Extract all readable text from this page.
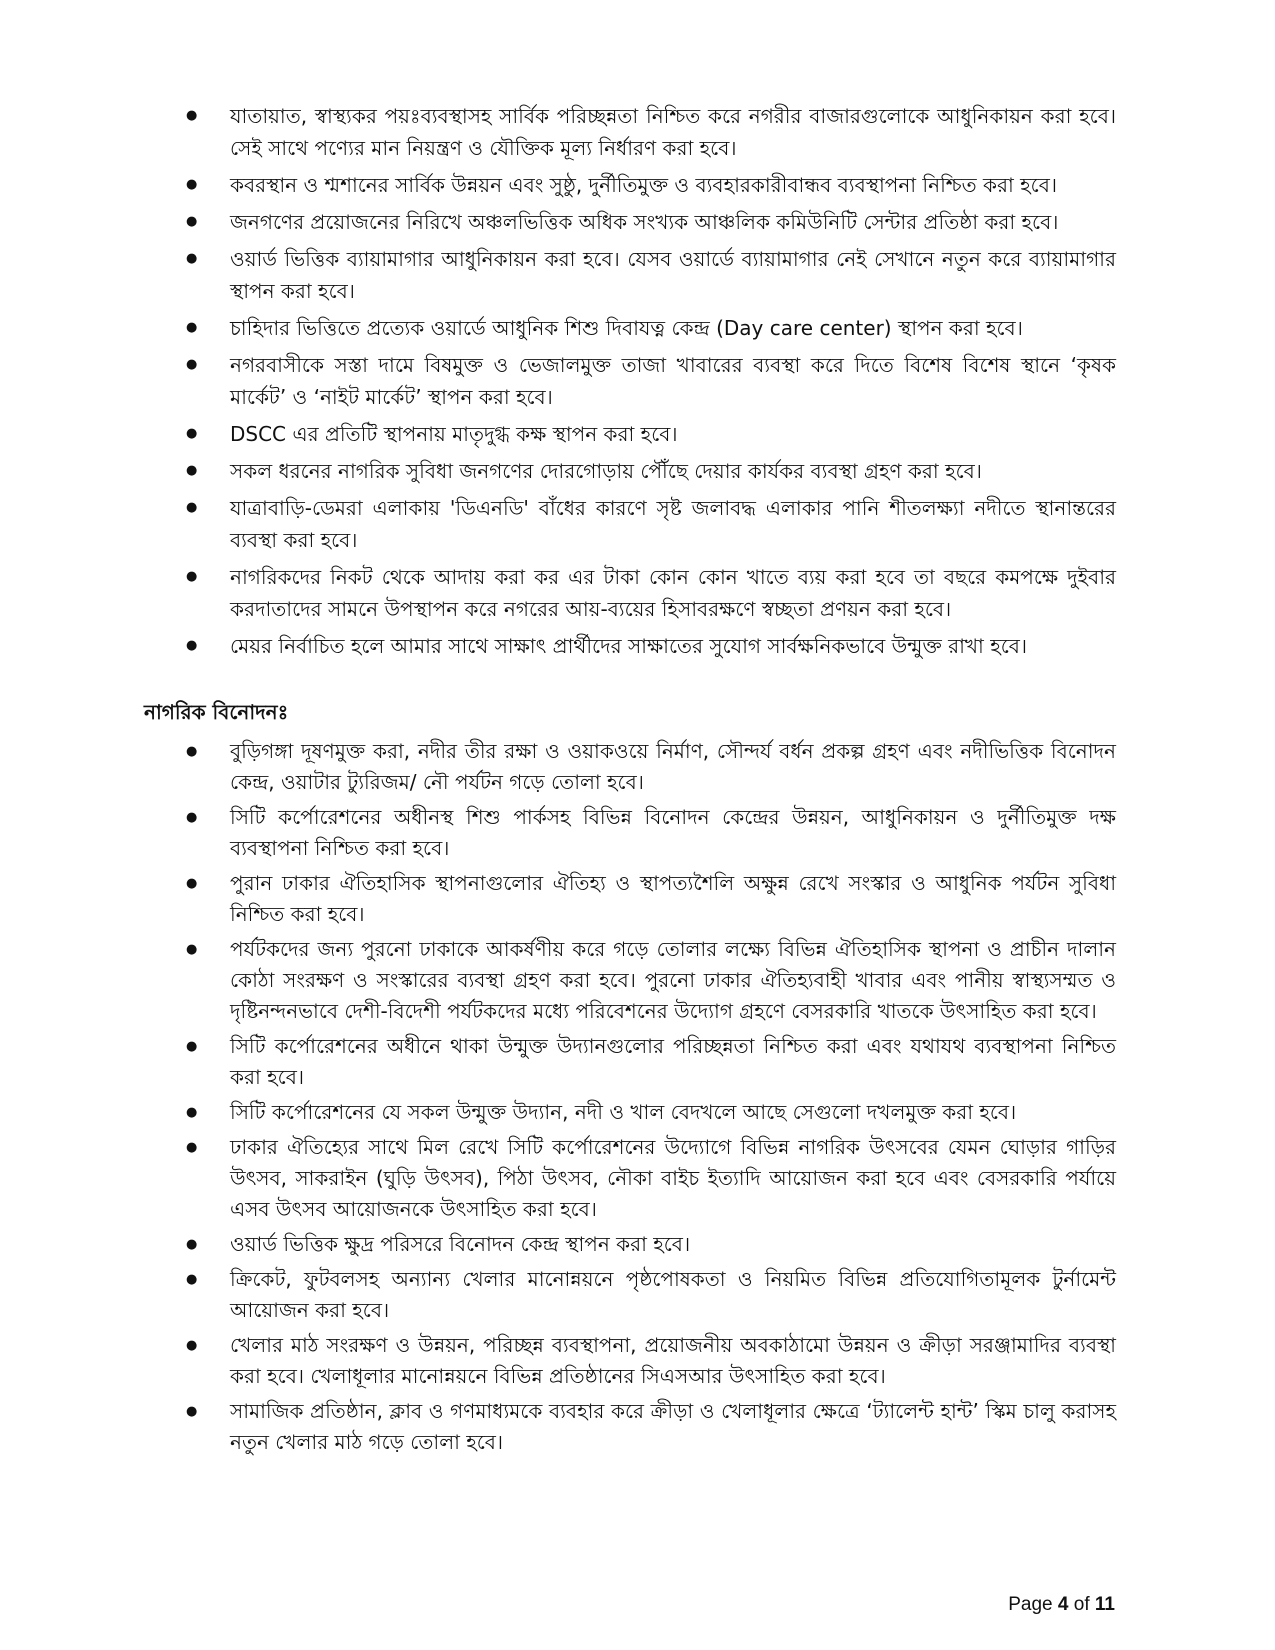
● যাতায়াত, স্বাস্থ্যকর পয়ঃব্যবস্থাসহ সার্বিক পরিচ্ছন্নতা নিশ্চিত করে নগরীর বাজারগুলোকে আধুনিকায়ন করা হবে। সেই সাথে পণ্যের মান নিয়ন্ত্রণ ও যৌক্তিক মূল্য নির্ধারণ করা হবে।
● কবরস্থান ও শ্মশানের সার্বিক উন্নয়ন এবং সুষ্ঠু, দুর্নীতিমুক্ত ও ব্যবহারকারীবান্ধব ব্যবস্থাপনা নিশ্চিত করা হবে।
● জনগণের প্রয়োজনের নিরিখে অঞ্চলভিত্তিক অধিক সংখ্যক আঞ্চলিক কমিউনিটি সেন্টার প্রতিষ্ঠা করা হবে।
● ওয়ার্ড ভিত্তিক ব্যায়ামাগার আধুনিকায়ন করা হবে। যেসব ওয়ার্ডে ব্যায়ামাগার নেই সেখানে নতুন করে ব্যায়ামাগার স্থাপন করা হবে।
● চাহিদার ভিত্তিতে প্রত্যেক ওয়ার্ডে আধুনিক শিশু দিবাযত্ন কেন্দ্র (Day care center) স্থাপন করা হবে।
● নগরবাসীকে সস্তা দামে বিষমুক্ত ও ভেজালমুক্ত তাজা খাবারের ব্যবস্থা করে দিতে বিশেষ বিশেষ স্থানে ‘কৃষক মার্কেট’ ও ‘নাইট মার্কেট’ স্থাপন করা হবে।
● DSCC এর প্রতিটি স্থাপনায় মাতৃদুগ্ধ কক্ষ স্থাপন করা হবে।
● সকল ধরনের নাগরিক সুবিধা জনগণের দোরগোড়ায় পৌঁছে দেয়ার কার্যকর ব্যবস্থা গ্রহণ করা হবে।
● যাত্রাবাড়ি-ডেমরা এলাকায় 'ডিএনডি' বাঁধের কারণে সৃষ্ট জলাবদ্ধ এলাকার পানি শীতলক্ষ্যা নদীতে স্থানান্তরের ব্যবস্থা করা হবে।
● নাগরিকদের নিকট থেকে আদায় করা কর এর টাকা কোন কোন খাতে ব্যয় করা হবে তা বছরে কমপক্ষে দুইবার করদাতাদের সামনে উপস্থাপন করে নগরের আয়-ব্যয়ের হিসাবরক্ষণে স্বচ্ছতা প্রণয়ন করা হবে।
● মেয়র নির্বাচিত হলে আমার সাথে সাক্ষাৎ প্রার্থীদের সাক্ষাতের সুযোগ সার্বক্ষনিকভাবে উন্মুক্ত রাখা হবে।
নাগরিক বিনোদনঃ
● বুড়িগঙ্গা দূষণমুক্ত করা, নদীর তীর রক্ষা ও ওয়াকওয়ে নির্মাণ, সৌন্দর্য বর্ধন প্রকল্প গ্রহণ এবং নদীভিত্তিক বিনোদন কেন্দ্র, ওয়াটার ট্যুরিজম/ নৌ পর্যটন গড়ে তোলা হবে।
● সিটি কর্পোরেশনের অধীনস্থ শিশু পার্কসহ বিভিন্ন বিনোদন কেন্দ্রের উন্নয়ন, আধুনিকায়ন ও দুর্নীতিমুক্ত দক্ষ ব্যবস্থাপনা নিশ্চিত করা হবে।
● পুরান ঢাকার ঐতিহাসিক স্থাপনাগুলোর ঐতিহ্য ও স্থাপত্যশৈলি অক্ষুন্ন রেখে সংস্কার ও আধুনিক পর্যটন সুবিধা নিশ্চিত করা হবে।
● পর্যটকদের জন্য পুরনো ঢাকাকে আকর্ষণীয় করে গড়ে তোলার লক্ষ্যে বিভিন্ন ঐতিহাসিক স্থাপনা ও প্রাচীন দালান কোঠা সংরক্ষণ ও সংস্কারের ব্যবস্থা গ্রহণ করা হবে। পুরনো ঢাকার ঐতিহ্যবাহী খাবার এবং পানীয় স্বাস্থ্যসম্মত ও দৃষ্টিনন্দনভাবে দেশী-বিদেশী পর্যটকদের মধ্যে পরিবেশনের উদ্যোগ গ্রহণে বেসরকারি খাতকে উৎসাহিত করা হবে।
● সিটি কর্পোরেশনের অধীনে থাকা উন্মুক্ত উদ্যানগুলোর পরিচ্ছন্নতা নিশ্চিত করা এবং যথাযথ ব্যবস্থাপনা নিশ্চিত করা হবে।
● সিটি কর্পোরেশনের যে সকল উন্মুক্ত উদ্যান, নদী ও খাল বেদখলে আছে সেগুলো দখলমুক্ত করা হবে।
● ঢাকার ঐতিহ্যের সাথে মিল রেখে সিটি কর্পোরেশনের উদ্যোগে বিভিন্ন নাগরিক উৎসবের যেমন ঘোড়ার গাড়ির উৎসব, সাকরাইন (ঘুড়ি উৎসব), পিঠা উৎসব, নৌকা বাইচ ইত্যাদি আয়োজন করা হবে এবং বেসরকারি পর্যায়ে এসব উৎসব আয়োজনকে উৎসাহিত করা হবে।
● ওয়ার্ড ভিত্তিক ক্ষুদ্র পরিসরে বিনোদন কেন্দ্র স্থাপন করা হবে।
● ক্রিকেট, ফুটবলসহ অন্যান্য খেলার মানোন্নয়নে পৃষ্ঠপোষকতা ও নিয়মিত বিভিন্ন প্রতিযোগিতামূলক টুর্নামেন্ট আয়োজন করা হবে।
● খেলার মাঠ সংরক্ষণ ও উন্নয়ন, পরিচ্ছন্ন ব্যবস্থাপনা, প্রয়োজনীয় অবকাঠামো উন্নয়ন ও ক্রীড়া সরঞ্জামাদির ব্যবস্থা করা হবে। খেলাধূলার মানোন্নয়নে বিভিন্ন প্রতিষ্ঠানের সিএসআর উৎসাহিত করা হবে।
● সামাজিক প্রতিষ্ঠান, ক্লাব ও গণমাধ্যমকে ব্যবহার করে ক্রীড়া ও খেলাধূলার ক্ষেত্রে ‘ট্যালেন্ট হান্ট’ স্কিম চালু করাসহ নতুন খেলার মাঠ গড়ে তোলা হবে।
Page 4 of 11
